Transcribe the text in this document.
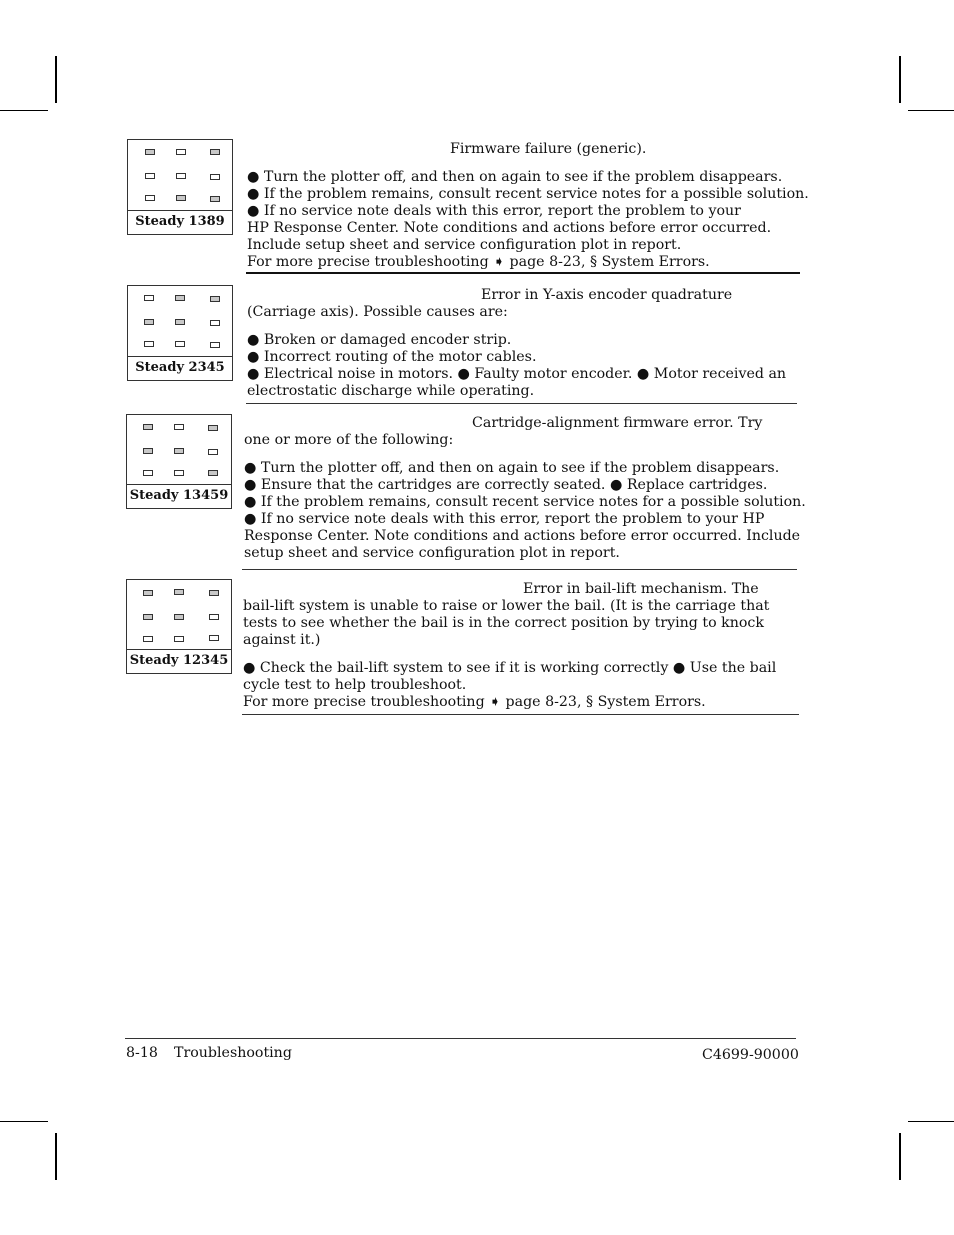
Steady 1389
Firmware failure (generic).
● Turn the plotter off, and then on again to see if the problem disappears.
● If the problem remains, consult recent service notes for a possible solution.
● If no service note deals with this error, report the problem to your
HP Response Center. Note conditions and actions before error occurred.
Include setup sheet and service configuration plot in report.
For more precise troubleshooting ➧ page 8-23, § System Errors.
Steady 2345
Error in Y-axis encoder quadrature
(Carriage axis). Possible causes are:
● Broken or damaged encoder strip.
● Incorrect routing of the motor cables.
● Electrical noise in motors. ● Faulty motor encoder. ● Motor received an
electrostatic discharge while operating.
Steady 13459
Cartridge-alignment firmware error. Try
one or more of the following:
● Turn the plotter off, and then on again to see if the problem disappears.
● Ensure that the cartridges are correctly seated. ● Replace cartridges.
● If the problem remains, consult recent service notes for a possible solution.
● If no service note deals with this error, report the problem to your HP
Response Center. Note conditions and actions before error occurred. Include
setup sheet and service configuration plot in report.
Steady 12345
Error in bail-lift mechanism. The
bail-lift system is unable to raise or lower the bail. (It is the carriage that
tests to see whether the bail is in the correct position by trying to knock
against it.)
● Check the bail-lift system to see if it is working correctly ● Use the bail
cycle test to help troubleshoot.
For more precise troubleshooting ➧ page 8-23, § System Errors.
8-18 Troubleshooting	C4699-90000
